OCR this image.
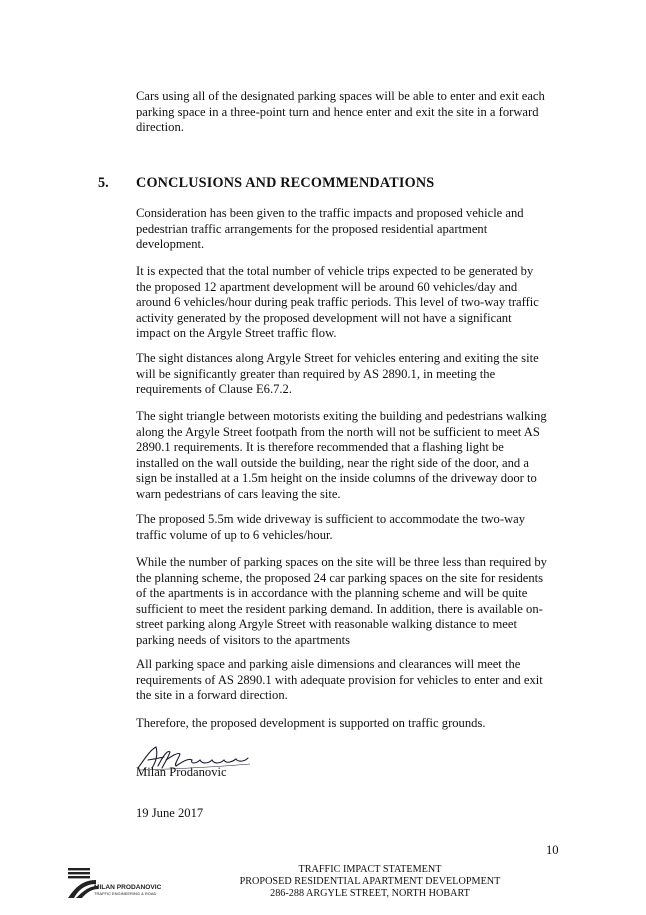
Cars using all of the designated parking spaces will be able to enter and exit each parking space in a three-point turn and hence enter and exit the site in a forward direction.

5. CONCLUSIONS AND RECOMMENDATIONS

Consideration has been given to the traffic impacts and proposed vehicle and pedestrian traffic arrangements for the proposed residential apartment development.

It is expected that the total number of vehicle trips expected to be generated by the proposed 12 apartment development will be around 60 vehicles/day and around 6 vehicles/hour during peak traffic periods. This level of two-way traffic activity generated by the proposed development will not have a significant impact on the Argyle Street traffic flow.

The sight distances along Argyle Street for vehicles entering and exiting the site will be significantly greater than required by AS 2890.1, in meeting the requirements of Clause E6.7.2.

The sight triangle between motorists exiting the building and pedestrians walking along the Argyle Street footpath from the north will not be sufficient to meet AS 2890.1 requirements. It is therefore recommended that a flashing light be installed on the wall outside the building, near the right side of the door, and a sign be installed at a 1.5m height on the inside columns of the driveway door to warn pedestrians of cars leaving the site.

The proposed 5.5m wide driveway is sufficient to accommodate the two-way traffic volume of up to 6 vehicles/hour.

While the number of parking spaces on the site will be three less than required by the planning scheme, the proposed 24 car parking spaces on the site for residents of the apartments is in accordance with the planning scheme and will be quite sufficient to meet the resident parking demand. In addition, there is available on-street parking along Argyle Street with reasonable walking distance to meet parking needs of visitors to the apartments

All parking space and parking aisle dimensions and clearances will meet the requirements of AS 2890.1 with adequate provision for vehicles to enter and exit the site in a forward direction.

Therefore, the proposed development is supported on traffic grounds.

Milan Prodanovic
19 June 2017
10
MILAN PRODANOVIC
TRAFFIC ENGINEERING & ROAD
TRAFFIC IMPACT STATEMENT
PROPOSED RESIDENTIAL APARTMENT DEVELOPMENT
286-288 ARGYLE STREET, NORTH HOBART
